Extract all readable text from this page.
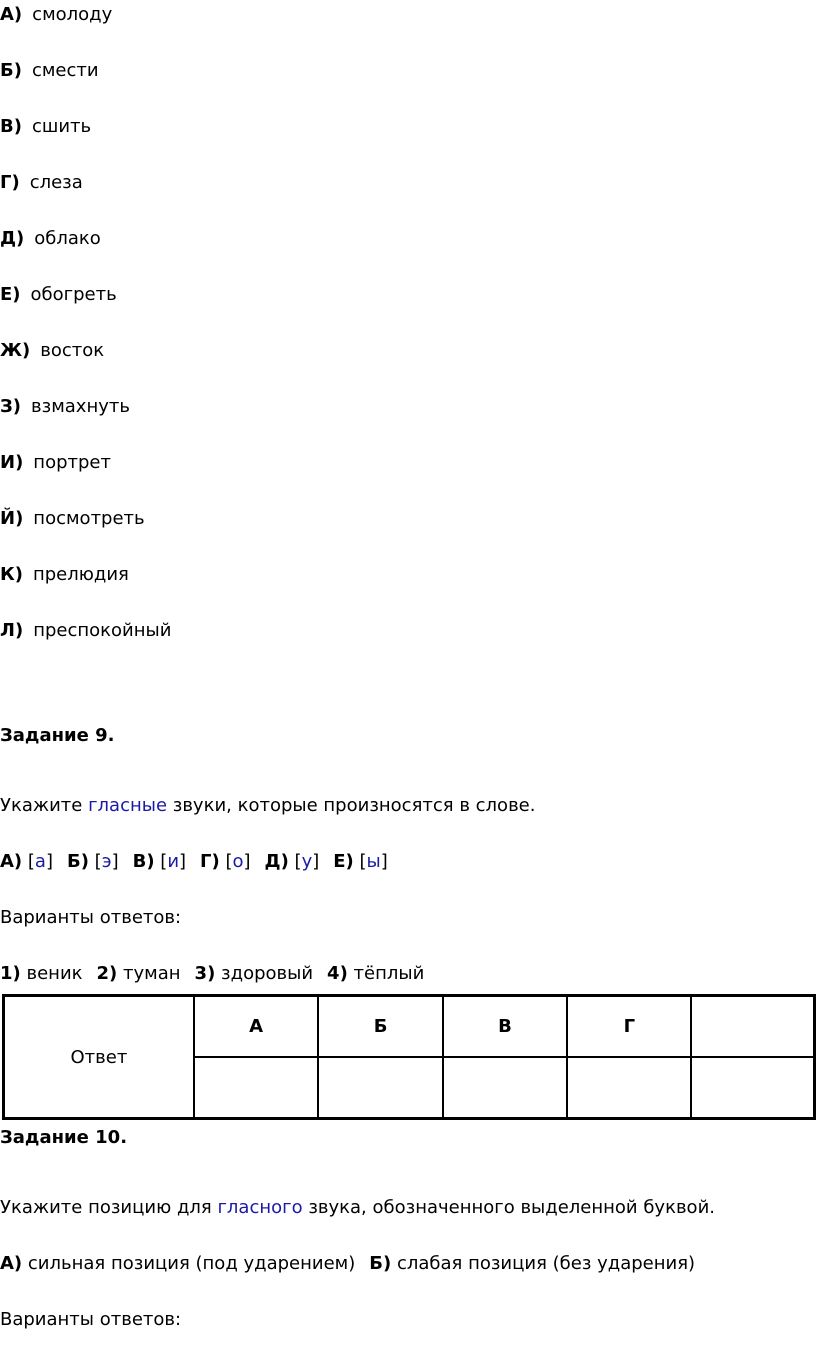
А) смолоду
Б) смести
В) сшить
Г) слеза
Д) облако
Е) обогреть
Ж) восток
З) взмахнуть
И) портрет
Й) посмотреть
К) прелюдия
Л) преспокойный
Задание 9.
Укажите гласные звуки, которые произносятся в слове.
А) [а] Б) [э] В) [и] Г) [о] Д) [у] Е) [ы]
Варианты ответов:
1) веник 2) туман 3) здоровый 4) тёплый
Ответ	А	Б	В	Г	

Задание 10.
Укажите позицию для гласного звука, обозначенного выделенной буквой.
А) сильная позиция (под ударением) Б) слабая позиция (без ударения)
Варианты ответов:
